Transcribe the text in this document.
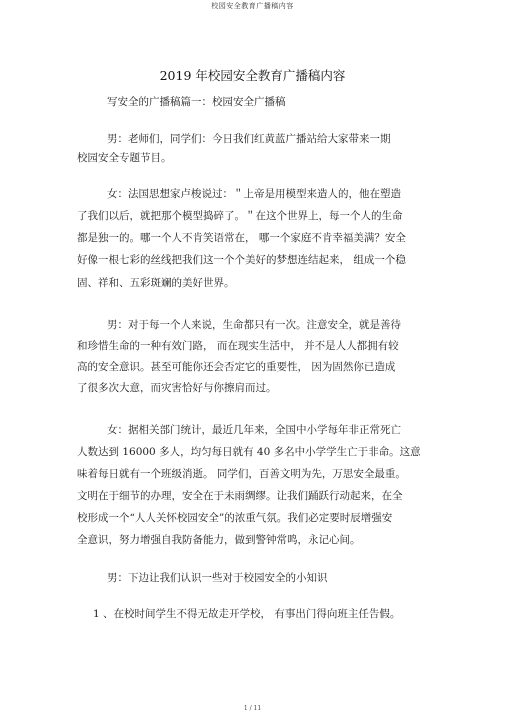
校园安全教育广播稿内容
2019 年校园安全教育广播稿内容
写安全的广播稿篇一：校园安全广播稿
男：老师们，同学们：今日我们红黄蓝广播站给大家带来一期
校园安全专题节目。
女：法国思想家卢梭说过：＂上帝是用模型来造人的，他在塑造
了我们以后，就把那个模型捣碎了。＂在这个世界上，每一个人的生命
都是独一的。哪一个人不肯笑语常在， 哪一个家庭不肯幸福美满？安全
好像一根七彩的丝线把我们这一个个美好的梦想连结起来， 组成一个稳
固、祥和、五彩斑斓的美好世界。
男：对于每一个人来说，生命都只有一次。注意安全，就是善待
和珍惜生命的一种有效门路， 而在现实生活中， 并不是人人都拥有较
高的安全意识。甚至可能你还会否定它的重要性， 因为固然你已造成
了很多次大意，而灾害恰好与你擦肩而过。
女：据相关部门统计，最近几年来，全国中小学每年非正常死亡
人数达到 16000 多人，均匀每日就有 40 多名中小学学生亡于非命。这意
味着每日就有一个班级消逝。 同学们，百善文明为先，万思安全最重。
文明在于细节的办理，安全在于未雨绸缪。让我们踊跃行动起来，在全
校形成一个“人人关怀校园安全”的浓重气氛。我们必定要时辰增强安
全意识，努力增强自我防备能力，做到警钟常鸣，永记心间。
男：下边让我们认识一些对于校园安全的小知识
1 、在校时间学生不得无故走开学校， 有事出门得向班主任告假。
1 / 11
